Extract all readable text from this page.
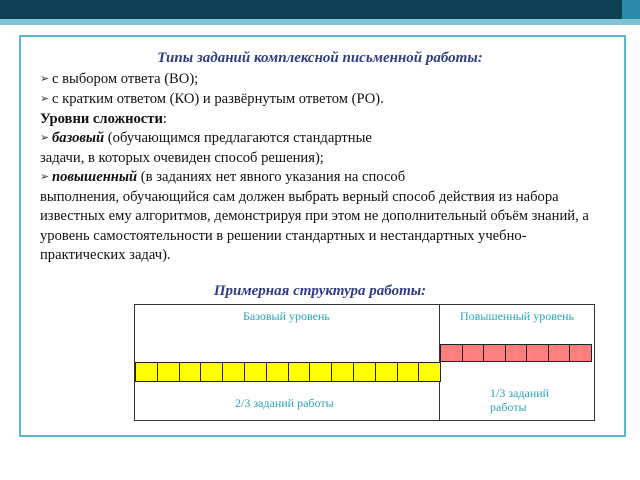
Типы заданий комплексной письменной работы:
➢ с выбором ответа (ВО);
➢ с кратким ответом (КО) и развёрнутым ответом (РО).
Уровни сложности:
➢ базовый (обучающимся предлагаются стандартные
задачи, в которых очевиден способ решения);
➢ повышенный (в заданиях нет явного указания на способ
выполнения, обучающийся сам должен выбрать верный способ действия из набора известных ему алгоритмов, демонстрируя при этом не дополнительный объём знаний, а уровень самостоятельности в решении стандартных и нестандартных учебно-практических задач).
Примерная структура работы:
Базовый уровень	Повышенный уровень
2/3 заданий работы
1/3 заданий работы
